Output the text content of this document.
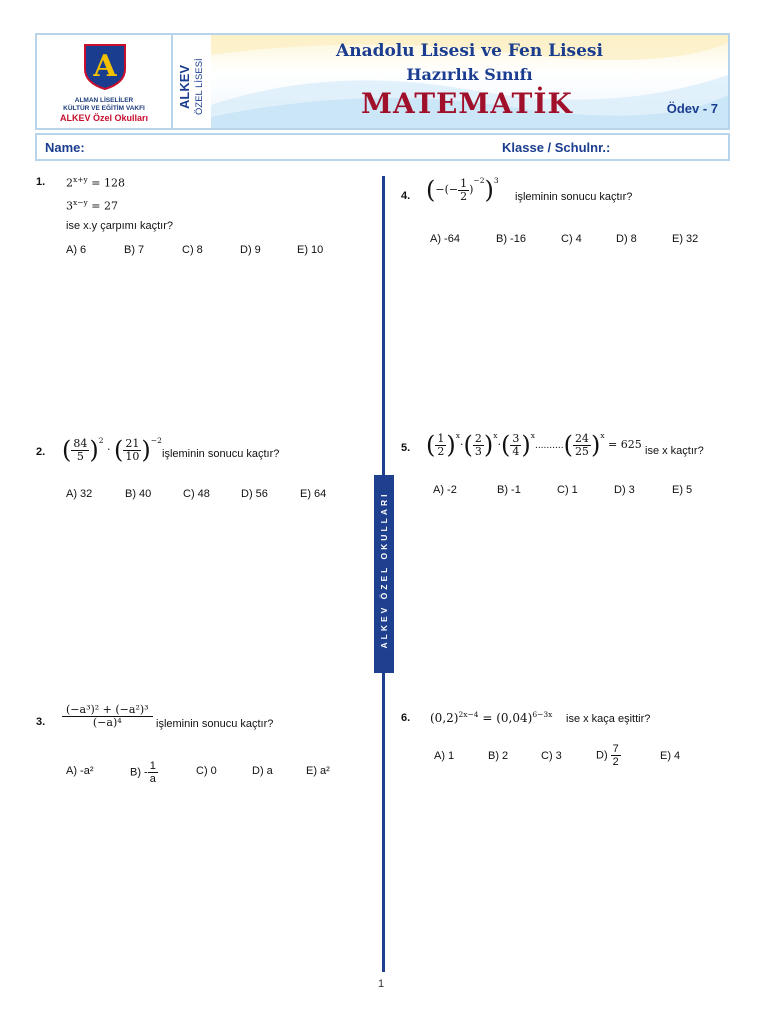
A
ALMAN LİSELİLER
KÜLTÜR VE EĞİTİM VAKFI
ALKEV Özel Okulları
ALKEV ÖZEL LİSESİ
Anadolu Lisesi ve Fen Lisesi
Hazırlık Sınıfı
MATEMATİK	Ödev - 7
Name:	Klasse / Schulnr.:
ALKEV ÖZEL OKULLARI
1. $2^{x+y} = 128$
$3^{x-y} = 27$
ise x.y çarpımı kaçtır?
A) 6	B) 7	C) 8	D) 9	E) 10
2. ( $\frac{84}{5} )^2$ · ( $\frac{21}{10} )^{-2}$
işleminin sonucu kaçtır?
A) 32	B) 40	C) 48	D) 56	E) 64
3. $\frac{\text{(−a³)² + (−a²)³}}{\text{(−a)⁴}}$ işleminin sonucu kaçtır?
A) -a²	$B) - \frac{1}{a}$	C) 0	D) a	E) a²
4. (−(− $\frac{1}{2} )^{-2})^3$
işleminin sonucu kaçtır?
A) -64	B) -16	C) 4	D) 8	E) 32
5. ( $\frac{1}{2} )^x\cdot( \frac{2}{3} )^x\cdot( \frac{3}{4} )^x..........( \frac{24}{25} )^x = 625$ ise x kaçtır?
A) -2	B) -1	C) 1	D) 3	E) 5
6. $(0,2)^{2x-4} = (0,04)^{6-3x}$ ise x kaça eşittir?
A) 1	B) 2	C) 3	$D) \frac{7}{2}$	E) 4
1
